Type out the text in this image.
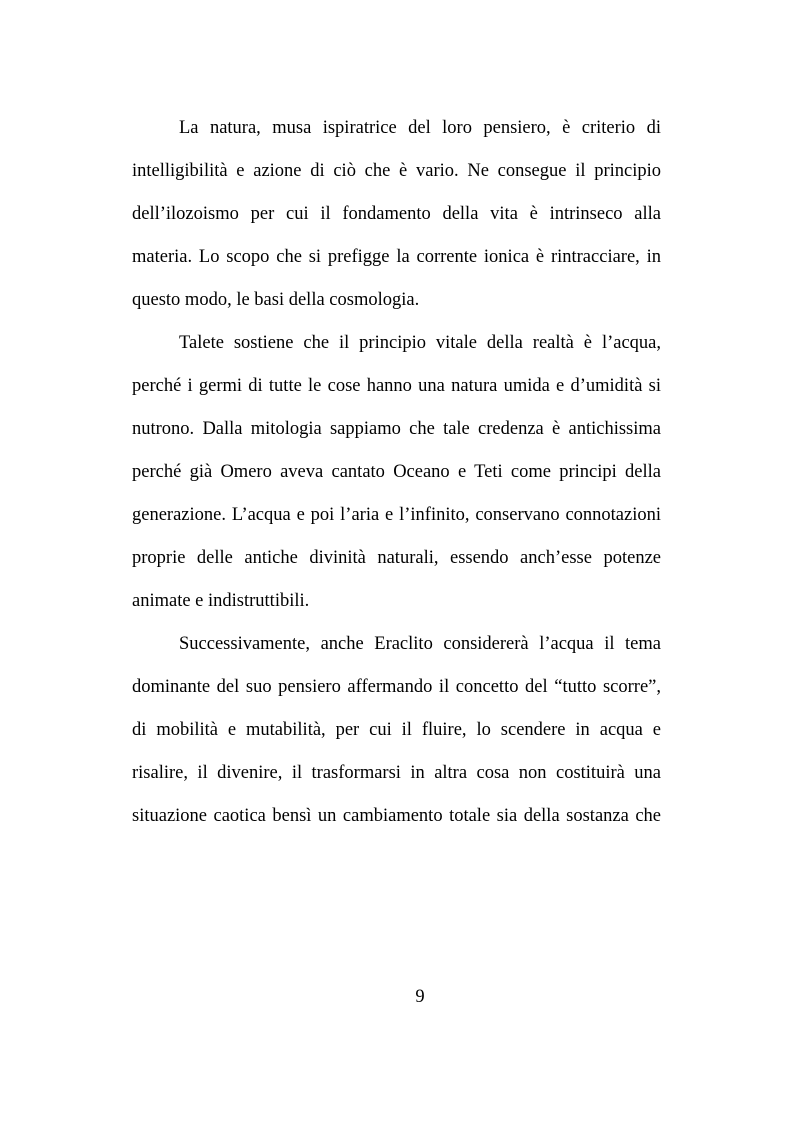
La natura, musa ispiratrice del loro pensiero, è criterio di
intelligibilità e azione di ciò che è vario. Ne consegue il principio
dell’ilozoismo per cui il fondamento della vita è intrinseco alla
materia. Lo scopo che si prefigge la corrente ionica è rintracciare, in
questo modo, le basi della cosmologia.
Talete sostiene che il principio vitale della realtà è l’acqua,
perché i germi di tutte le cose hanno una natura umida e d’umidità si
nutrono. Dalla mitologia sappiamo che tale credenza è antichissima
perché già Omero aveva cantato Oceano e Teti come principi della
generazione. L’acqua e poi l’aria e l’infinito, conservano connotazioni
proprie delle antiche divinità naturali, essendo anch’esse potenze
animate e indistruttibili.
Successivamente, anche Eraclito considererà l’acqua il tema
dominante del suo pensiero affermando il concetto del “tutto scorre”,
di mobilità e mutabilità, per cui il fluire, lo scendere in acqua e
risalire, il divenire, il trasformarsi in altra cosa non costituirà una
situazione caotica bensì un cambiamento totale sia della sostanza che
9
